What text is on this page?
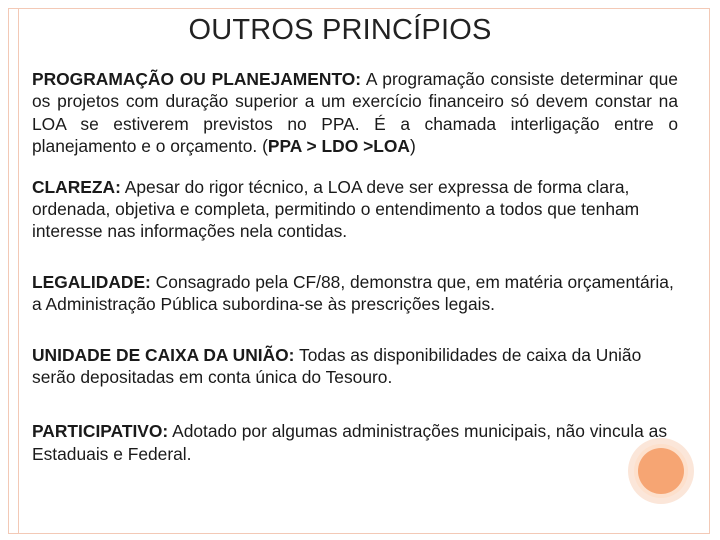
OUTROS PRINCÍPIOS

PROGRAMAÇÃO OU PLANEJAMENTO: A programação consiste determinar que os projetos com duração superior a um exercício financeiro só devem constar na LOA se estiverem previstos no PPA. É a chamada interligação entre o planejamento e o orçamento. (PPA > LDO >LOA)

CLAREZA: Apesar do rigor técnico, a LOA deve ser expressa de forma clara, ordenada, objetiva e completa, permitindo o entendimento a todos que tenham interesse nas informações nela contidas.

LEGALIDADE: Consagrado pela CF/88, demonstra que, em matéria orçamentária, a Administração Pública subordina-se às prescrições legais.

UNIDADE DE CAIXA DA UNIÃO: Todas as disponibilidades de caixa da União serão depositadas em conta única do Tesouro.

PARTICIPATIVO: Adotado por algumas administrações municipais, não vincula as Estaduais e Federal.
